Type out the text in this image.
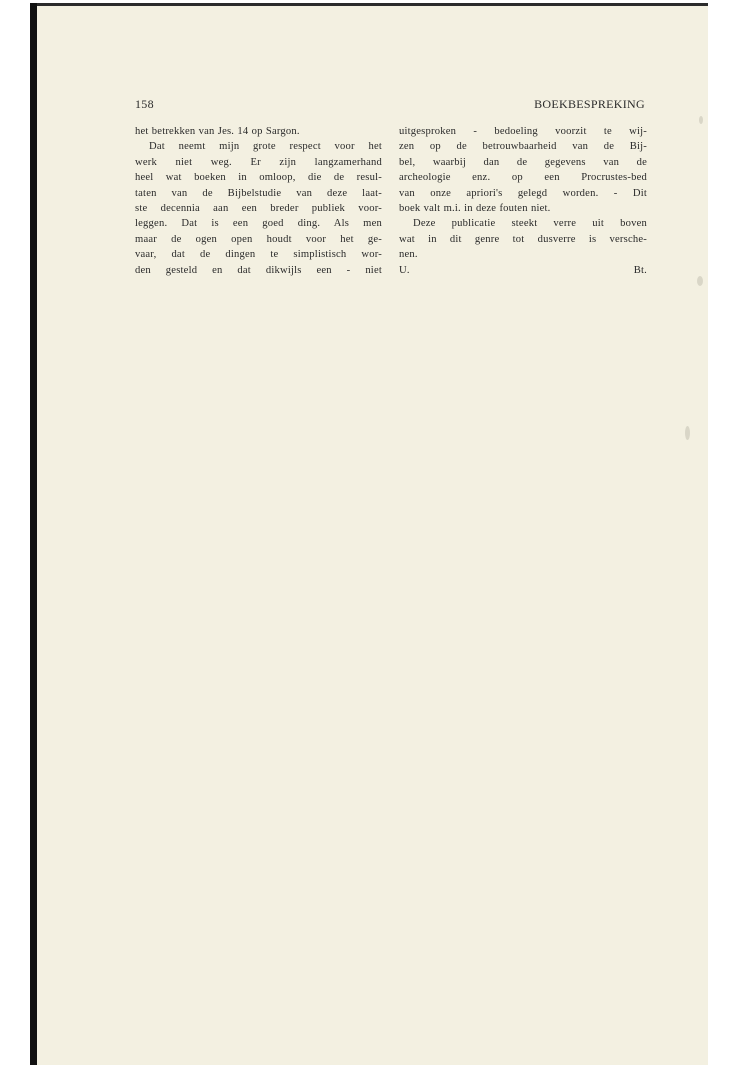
158	BOEKBESPREKING
het betrekken van Jes. 14 op Sargon.
Dat neemt mijn grote respect voor het
werk niet weg. Er zijn langzamerhand
heel wat boeken in omloop, die de resul-
taten van de Bijbelstudie van deze laat-
ste decennia aan een breder publiek voor-
leggen. Dat is een goed ding. Als men
maar de ogen open houdt voor het ge-
vaar, dat de dingen te simplistisch wor-
den gesteld en dat dikwijls een - niet
uitgesproken - bedoeling voorzit te wij-
zen op de betrouwbaarheid van de Bij-
bel, waarbij dan de gegevens van de
archeologie enz. op een Procrustes-bed
van onze apriori's gelegd worden. - Dit
boek valt m.i. in deze fouten niet.
Deze publicatie steekt verre uit boven
wat in dit genre tot dusverre is versche-
nen.
U.	Bt.
